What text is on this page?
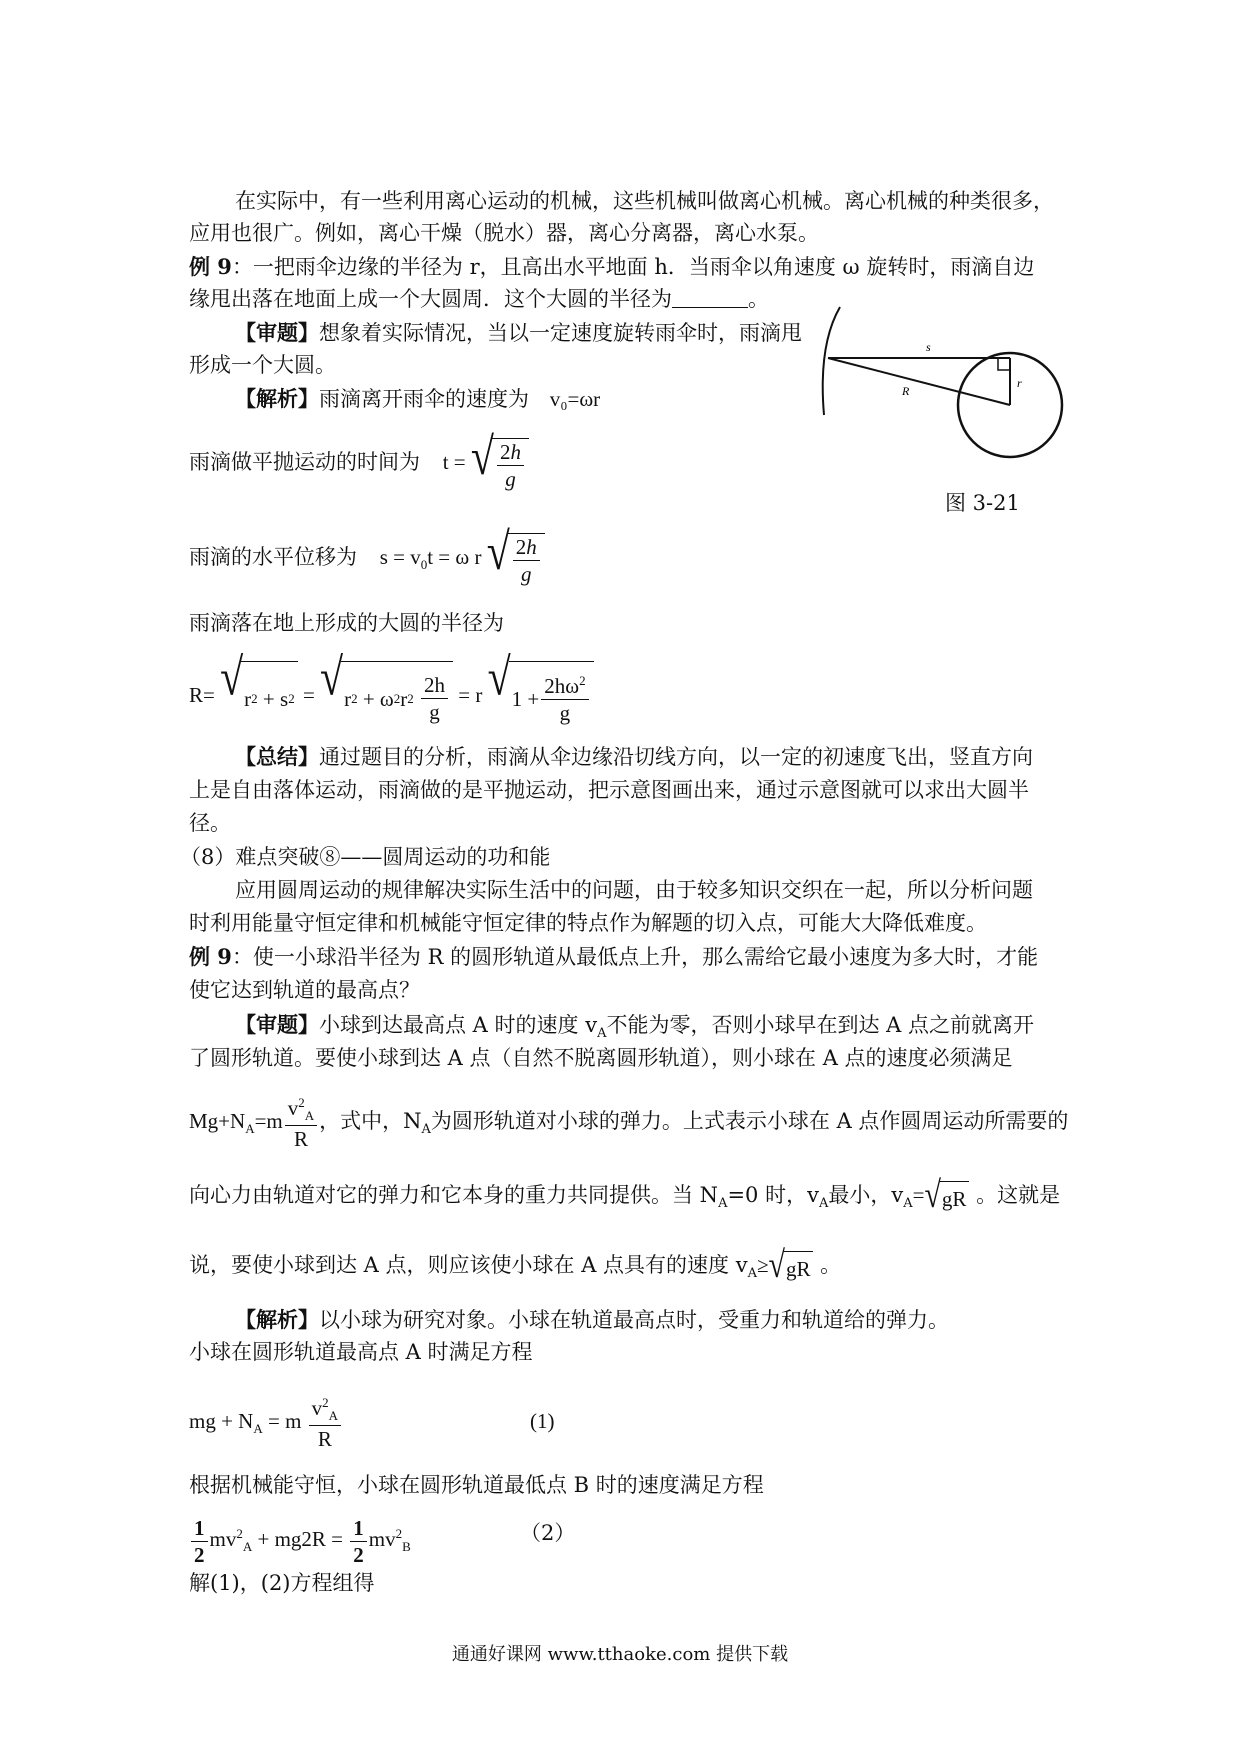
在实际中，有一些利用离心运动的机械，这些机械叫做离心机械。离心机械的种类很多，
应用也很广。例如，离心干燥（脱水）器，离心分离器，离心水泵。
例 9：一把雨伞边缘的半径为 r，且高出水平地面 h．当雨伞以角速度 ω 旋转时，雨滴自边
缘甩出落在地面上成一个大圆周．这个大圆的半径为	。
【审题】想象着实际情况，当以一定速度旋转雨伞时，雨滴甩
形成一个大圆。
【解析】雨滴离开雨伞的速度为 v₀=ωr
雨滴做平抛运动的时间为 t = √ $\frac{2h}{g}$
雨滴的水平位移为 $s = v_0t = \omega$ r √ $\frac{2h}{g}$
雨滴落在地上形成的大圆的半径为
R= √ r 2 + s 2 = √ r 2 + ω 2 r 2
$\frac{2h}{g} = r$ √ $1 + \frac{2h\omega^2}{g}$
s
R
r
图 3-21
【总结】通过题目的分析，雨滴从伞边缘沿切线方向，以一定的初速度飞出，竖直方向
上是自由落体运动，雨滴做的是平抛运动，把示意图画出来，通过示意图就可以求出大圆半
径。
（8）难点突破⑧——圆周运动的功和能
应用圆周运动的规律解决实际生活中的问题，由于较多知识交织在一起，所以分析问题
时利用能量守恒定律和机械能守恒定律的特点作为解题的切入点，可能大大降低难度。
例 9：使一小球沿半径为 R 的圆形轨道从最低点上升，那么需给它最小速度为多大时，才能
使它达到轨道的最高点？
【审题】小球到达最高点 A 时的速度 $v_A$不能为零，否则小球早在到达 A 点之前就离开
了圆形轨道。要使小球到达 A 点（自然不脱离圆形轨道），则小球在 A 点的速度必须满足
$Mg+N_A=m \frac{v^2_A}{R}$ ，式中，$N_A$为圆形轨道对小球的弹力。上式表示小球在 A 点作圆周运动所需要的
向心力由轨道对它的弹力和它本身的重力共同提供。当 $N_A=0$ 时，$v_A$最小，$v_A=$ √ gR 。这就是
说，要使小球到达 A 点，则应该使小球在 A 点具有的速度 $v_A\ge$ √ gR 。
【解析】以小球为研究对象。小球在轨道最高点时，受重力和轨道给的弹力。
小球在圆形轨道最高点 A 时满足方程
mg + $N_A = m \frac{v^2_A}{R}$	(1)
根据机械能守恒，小球在圆形轨道最低点 B 时的速度满足方程
$\frac{1}{2} mv^2_A + mg2R = \frac{1}{2} mv^2_B$
（2）
解(1)，(2)方程组得
通通好课网 www.tthaoke.com 提供下载
